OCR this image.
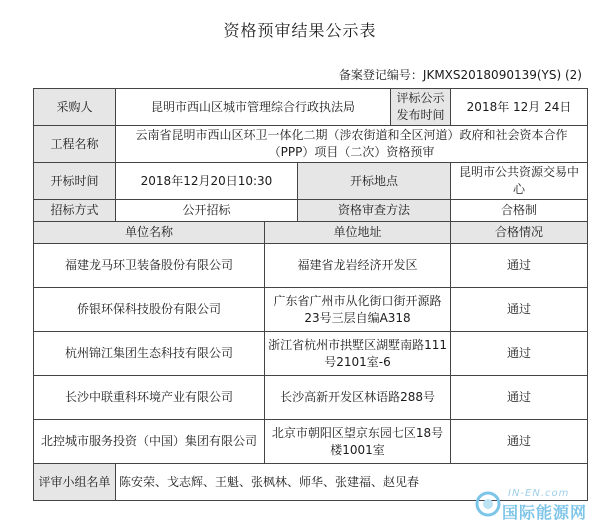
资格预审结果公示表
备案登记编号：JKMXS2018090139(YS) (2)
采购人	昆明市西山区城市管理综合行政执法局			评标公示发布时间	2018年 12月 24日
工程名称	云南省昆明市西山区环卫一体化二期（涉农街道和全区河道）政府和社会资本合作（PPP）项目（二次）资格预审				
开标时间	2018年12月20日10:30		开标地点		昆明市公共资源交易中心
招标方式	公开招标		资格审查方法		合格制
单位名称		单位地址			合格情况
福建龙马环卫装备股份有限公司		福建省龙岩经济开发区			通过
侨银环保科技股份有限公司		广东省广州市从化街口街开源路23号三层自编A318			通过
杭州锦江集团生态科技有限公司		浙江省杭州市拱墅区湖墅南路111号2101室-6			通过
长沙中联重科环境产业有限公司		长沙高新开发区林语路288号			通过
北控城市服务投资（中国）集团有限公司		北京市朝阳区望京东园七区18号楼1001室			通过
评审小组名单	陈安荣、戈志辉、王魁、张枫林、师华、张建福、赵见春				
IN-EN.com
国际能源网
